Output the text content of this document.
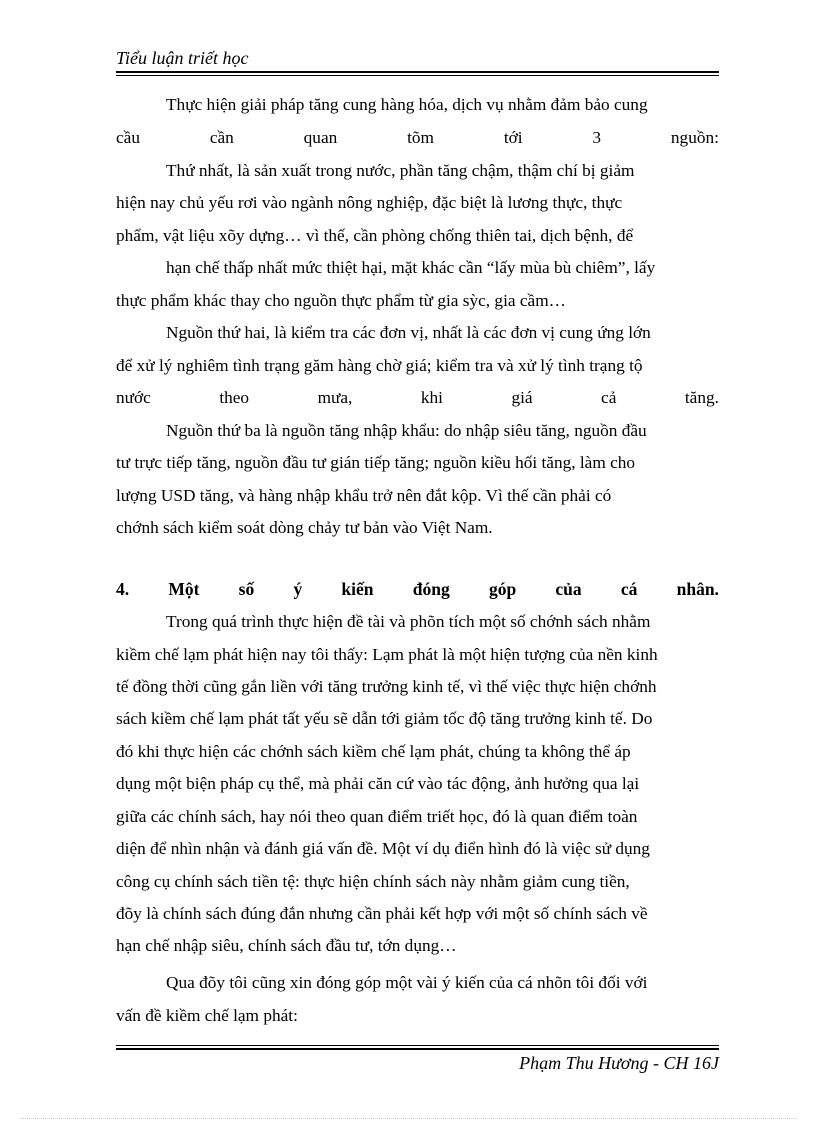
Tiểu luận triết học
Thực hiện giải pháp tăng cung hàng hóa, dịch vụ nhằm đảm bảo cung
cầu	cần	quan	tõm	tới	3	nguồn:
Thứ nhất, là sản xuất trong nước, phần tăng chậm, thậm chí bị giảm
hiện nay chủ yếu rơi vào ngành nông nghiệp, đặc biệt là lương thực, thực
phẩm, vật liệu xõy dựng… vì thế, cần phòng chống thiên tai, dịch bệnh, để
hạn chế thấp nhất mức thiệt hại, mặt khác cần “lấy mùa bù chiêm”, lấy
thực phẩm khác thay cho nguồn thực phẩm từ gia sỳc, gia cầm…
Nguồn thứ hai, là kiểm tra các đơn vị, nhất là các đơn vị cung ứng lớn
để xử lý nghiêm tình trạng găm hàng chờ giá; kiểm tra và xử lý tình trạng tộ
nước	theo	mưa,	khi	giá	cả	tăng.
Nguồn thứ ba là nguồn tăng nhập khẩu: do nhập siêu tăng, nguồn đầu
tư trực tiếp tăng, nguồn đầu tư gián tiếp tăng; nguồn kiều hối tăng, làm cho
lượng USD tăng, và hàng nhập khẩu trở nên đắt kộp. Vì thế cần phải có
chớnh sách kiểm soát dòng chảy tư bản vào Việt Nam.
4. Một số ý kiến đóng góp của cá nhân.
Trong quá trình thực hiện đề tài và phõn tích một số chớnh sách nhằm
kiềm chế lạm phát hiện nay tôi thấy: Lạm phát là một hiện tượng của nền kinh
tế đồng thời cũng gắn liền với tăng trưởng kinh tế, vì thế việc thực hiện chớnh
sách kiềm chế lạm phát tất yếu sẽ dẫn tới giảm tốc độ tăng trưởng kinh tế. Do
đó khi thực hiện các chớnh sách kiềm chế lạm phát, chúng ta không thể áp
dụng một biện pháp cụ thể, mà phải căn cứ vào tác động, ảnh hưởng qua lại
giữa các chính sách, hay nói theo quan điểm triết học, đó là quan điểm toàn
diện để nhìn nhận và đánh giá vấn đề. Một ví dụ điển hình đó là việc sử dụng
công cụ chính sách tiền tệ: thực hiện chính sách này nhằm giảm cung tiền,
đõy là chính sách đúng đắn nhưng cần phải kết hợp với một số chính sách về
hạn chế nhập siêu, chính sách đầu tư, tớn dụng…
Qua đõy tôi cũng xin đóng góp một vài ý kiến của cá nhõn tôi đối với
vấn đề kiềm chế lạm phát:
Phạm Thu Hương - CH 16J
